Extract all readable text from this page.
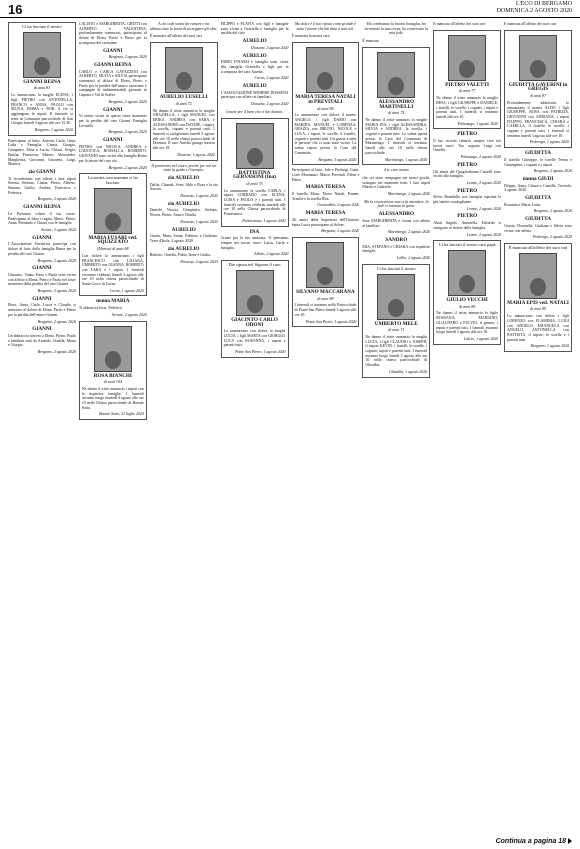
16	L'ECO DI BERGAMO
DOMENICA 2 AGOSTO 2020
Ci ha lasciato il nostro
GIANNI REINA
di anni 81
Lo annunciano la moglie ELENA, i figli PIETRO con ANTONELLA, FRANCO e ANNA, PAOLO con SILVIA, EMMA e NOR. A ciò si aggiungono le nipoti. Il funerale si terrà in Comunità parrocchiale di San Giorgio lunedì 3 agosto alle ore 15.30.
Bergamo, 1 agosto 2020
Partecipano al lutto: Antonio Carlo, Gina, Lidia e Famiglia, Cinzia, Giorgio, Gianpiero, Elisa e Lucia, Chiara, Sergio, Emilia, Francesca, Matteo, Alessandro, Margherita, Giovanni, Giacomo, Luigi, Monica.
zio GIANNI
Ti ricorderemo con affetto i tuoi nipoti Serena, Stefano, Cinzia, Pietro, Alberto, Simona, Giulio, Andrea, Francesca e Federica.
Bergamo, 2 agosto 2020
GIANNI REINA
La Presenza colma il tuo vuoto. Partecipano al lutto i cugini, Mario, Pietro, Anna, Fernando e Chiara con le famiglie.
Seriate, 2 agosto 2020
GIANNI
L'Associazione Geriatrica partecipa con dolore al lutto della famiglia Reina per la perdita del caro Gianni.
Bergamo, 2 agosto 2020
GIANNI
Giacomo, Vanni, Enzo e Paola sono vicini con affetto a Elena, Pietro e Paolo nel triste momento della perdita del caro Gianni.
Bergamo, 2 agosto 2020
GIANNI
Piero, Anna, Carlo, Lucia e Claudio si uniscono al dolore di Elena, Paolo e Pietro per la perdita dell'amico Gianni.
Bergamo, 2 agosto 2020
GIANNI
Un abbraccio sincero a Elena, Pietro, Paolo e familiari tutti da Arnaldo, Ornella, Maria e Giorgio.
Bergamo, 2 agosto 2020
CALISTO e MARGHERITA, GRITTI con ALBERTO e VALENTINA, profondamente commossi, partecipano al dolore di Elena, Paolo e Pietro per la scomparsa del carissimo
GIANNI
Bergamo, 2 agosto 2020
GIANNI REINA
CARLO e CARLA GAVAZZENI con ALBERTO, SILVIA e SILVIA partecipano commossi al dolore di Elena, Pietro e Paolo per la perdita dell'amico carissimo e compagno di indimenticabili giornate in Capraia e Val di Scalve.
Bergamo, 2 agosto 2020
GIANNI
Vi siamo vicini in questo triste momento per la perdita del caro Gianni. Famiglia Locatelli.
Bergamo, 2 agosto 2020
GIANNI
PIETRO con NICOLA, ANDREA e LODOVICA, ROSSELLA, ROBERTO, GIOVANNI sono vicini alla famiglia Reina per la morte del caro zio.
Bergamo, 2 agosto 2020
La nostra cara mamma ci ha lasciato
MARIA FUSARI ved. SQUIZZATO
(Marisa) di anni 88
Con dolore lo annunciano i figli FRANCESCO con LILIANA, UMBERTO con GIANNA, ROBERTO con LARA e i nipoti. I funerali verranno celebrati lunedì 3 agosto alle ore 10 nella chiesa parrocchiale di Santa Croce di Curno.
Curno, 1 agosto 2020
nonna MARIA
Ti abbraccia forte, Federico.
Seriate, 2 agosto 2020
ROSA BIANCHI
di anni 104
Ne danno il triste annuncio i nipoti con le rispettive famiglie. I funerali avranno luogo martedì 4 agosto alle ore 10 nella Chiesa parrocchiale di Bonate Sotto.
Bonate Sotto, 31 luglio 2020
A chi vede senza far rumore e ha abbracciato la forza di sorreggere gli altri.
È mancato all'affetto dei suoi cari
AURELIO LUSELLI
di anni 72
Ne danno il triste annuncio la moglie GRAZIELLA, i figli MANUEL con ERIKA, ANDREA con SARA e ALESSANDRO con DAVIDE, i nipoti, la sorella, cognati e parenti tutti. I funerali si svolgeranno lunedì 3 agosto alle ore 10 nella chiesa parrocchiale di Dossena. Il caro Aurelio giunge stasera alle ore 18.
Dossena, 1 agosto 2020
Ti porteremo nel cuore, perché per noi sei stato la guida e l'esempio.
zio AURELIO
Dalila, Chantal, Sven, Aldo e Rosa e la zia Aurora.
Dossena, 1 agosto 2020
zio AURELIO
Daniele, Nuccia, Gianpietro, Stefano, Nicola, Pietro, Anna e Danila.
Dossena, 1 agosto 2020
AURELIO
Cinzia, Mara, Sonia, Fabrizio e Giuliana. Torre d'Isola, 2 agosto 2020
zio AURELIO
Roberto, Ornella, Fabio, Irene e Giulia.
Dossena, 2 agosto 2020
FILIPPO e FLAVIA con figli e famiglie sono vicini a Graziella e famiglia per la perdita del caro
AURELIO
Dossena, 2 agosto 2020
AURELIO
FABIO FINASSI e famiglia sono vicini alla famiglia Graziella e figli per la scomparsa del caro Aurelio.
Curno, 2 agosto 2020
AURELIO
L'ASSOCIAZIONE MINIERE DOSSENA partecipa con affetto ai familiari.
Dossena, 2 agosto 2020
Grazie per il bene che ci hai donato.
BATTISTINA GERVASONI (Ina)
di anni 75
Lo annunciano la sorella CARLA, i nipoti CORRADO con ELENA, LUISA e PAOLO e i parenti tutti. I funerali verranno celebrati martedì alle ore 10 nella Chiesa parrocchiale di Ponteranica.
Ponteranica, 1 agosto 2020
INA
Grazie per la tua amicizia. Ti pensiamo sempre nei nostri cuori. Luisa, Carla e famiglia.
Albino, 2 agosto 2020
Dio riposa nel Signore il caro
GIACINTO CARLO ODONI
Lo annunciano con dolore la moglie LUCIA, i figli MARTA con GIORGIO, LUCA con ROSANNA, i nipoti e parenti tutti.
Ponte San Pietro, 1 agosto 2020
Ma dolce è il tuo riposo come grande è stato l'amore che hai dato a tutti noi.
È mancata la nostra cara
MARIA TERESA NATALI in PREVITALI
di anni 84
Lo annunciano con dolore il marito ANGELO, i figli DARIO con MARIDA, MANUEL e LORENZA, GRAZIA con BRUNO, NICOLE e LUCA, i nipoti, le sorelle, il fratello, cognati e parenti tutti. Un grazie a tutte le persone che ci sono state vicine. La salma riposa presso la Casa del Commiato.
Bergamo, 1 agosto 2020
Partecipano al lutto: Iole e Pierluigi Conti, Lorie Montanari, Marco Previtali, Elena e Pietro.
MARIA TERESA
Il fratello Mose, Pietro Natali, Penner, Ornella e la sorella Rita.
Grassobbio, 2 agosto 2020
MARIA TERESA
Gli amici della Segreteria dell'Oratorio Santa Lucia partecipano al dolore.
Bergamo, 2 agosto 2020
SILVANO MACCARANA
di anni 88
I funerali si terranno nella Parrocchiale di Ponte San Pietro lunedì 3 agosto alle ore 10.
Ponte San Pietro, 1 agosto 2020
Ho combattuto la buona battaglia, ho terminato la mia corsa, ho conservato la mia fede.
È mancato
ALESSANDRO MARTINELLI
di anni 74
Ne danno il triste annuncio la moglie MARIA PIA, i figli ALESSANDRA, SILVIA e ANDREA, la sorella, i cognati e parenti tutti. La salma riposa presso la Casa del Commiato di Martinengo. I funerali si terranno lunedì alle ore 10 nella chiesa parrocchiale.
Martinengo, 1 agosto 2020
A te caro nonno
che sei stato compagno nei nostri giochi, sostegno nei momenti tristi. I tuoi nipoti Matteo e Gabriele.
Martinengo, 2 agosto 2020
Ma la resurrezione non si fa attendere, la fede si tramuta in gioia.
ALESSANDRO
Suor MARGHERITA è vicina con affetto ai familiari.
Martinengo, 2 agosto 2020
SANDRO
MIA, STEFANO e CHIARA con rispettive famiglie.
Lallio, 2 agosto 2020
Ci ha lasciati il nostro
UMBERTO MELE
di anni 71
Ne danno il triste annuncio la moglie LUCIA, i figli CLAUDIO e JOSEPH, il nipote KEVIN, i fratelli, le sorelle, i cognati, nipoti e parenti tutti. I funerali avranno luogo lunedì 3 agosto alle ore 10 nella chiesa parrocchiale di Ghisalba.
Ghisalba, 1 agosto 2020
È mancato all'affetto dei suoi cari
PIETRO VALETTI
di anni 77
Ne danno il triste annuncio la moglie RINA, i figli GIUSEPPE e DANIELE, i fratelli, le sorelle, i cognati, i nipoti e parenti tutti. I funerali si terranno lunedì alle ore 10.
Palazzago, 1 agosto 2020
PIETRO
Il tuo ricordo rimarrà sempre vivo nei nostri cuori. Tuo cognato Luigi con Ornella.
Palazzago, 2 agosto 2020
PIETRO
Gli amici del Quagliodromo Castelli sono vicini alla famiglia.
Levate, 2 agosto 2020
PIETRO
Silvio Brambilla con famiglia esprime le più sentite condoglianze.
Levate, 2 agosto 2020
PIETRO
Abati Angelo, Antonella, Edoardo si stringono al dolore della famiglia.
Levate, 2 agosto 2020
Ci ha lasciati il nostro caro papà
GIULIO VECCHI
di anni 89
Ne danno il triste annuncio le figlie ROSSANA, MARIANO, GUALTIERO e FULVIO, il genero, i nipoti e parenti tutti. I funerali avranno luogo lunedì 3 agosto alle ore 10.
Calcio, 1 agosto 2020
È mancata all'affetto dei suoi cari
GIUDITTA GAVERINI in GREGIS
di anni 87
Profondamente addolorati lo annunciano il marito ALDO, i figli GIUSEPPE, ROSA con PATRIZIA, GIOVANNI con ADRIANA, i nipoti FILIPPO, FRANCESCA, CHIARA e CAMILLA, il fratello, le sorelle, i cognati e parenti tutti. I funerali si terranno lunedì 3 agosto alle ore 10.
Pedrengo, 1 agosto 2020
GIUDITTA
Il fratello Giuseppe, le sorelle Teresa e Giuseppina, i cognati e i nipoti.
Bergamo, 2 agosto 2020
nonna GIUDI
Filippo, Anna, Chiara e Camilla. Treviolo, 2 agosto 2020
GIUDITTA
Rosanna e Maria Luisa.
Bergamo, 2 agosto 2020
GIUDITTA
Grazia, Donatella, Giuliana e Silvia sono vicine con affetto.
Pedrengo, 2 agosto 2020
È mancata all'affetto dei suoi cari
MARIA EPIS ved. NATALI
di anni 89
Lo annunciano con dolore i figli LORENZO con FLAMINIA, LUIGI con ANGELO, EMANUELA con ANGELO, ANTONELLA con BATTISTA, il nipote, le sorelle e i parenti tutti.
Bergamo, 1 agosto 2020
Continua a pagina 18
